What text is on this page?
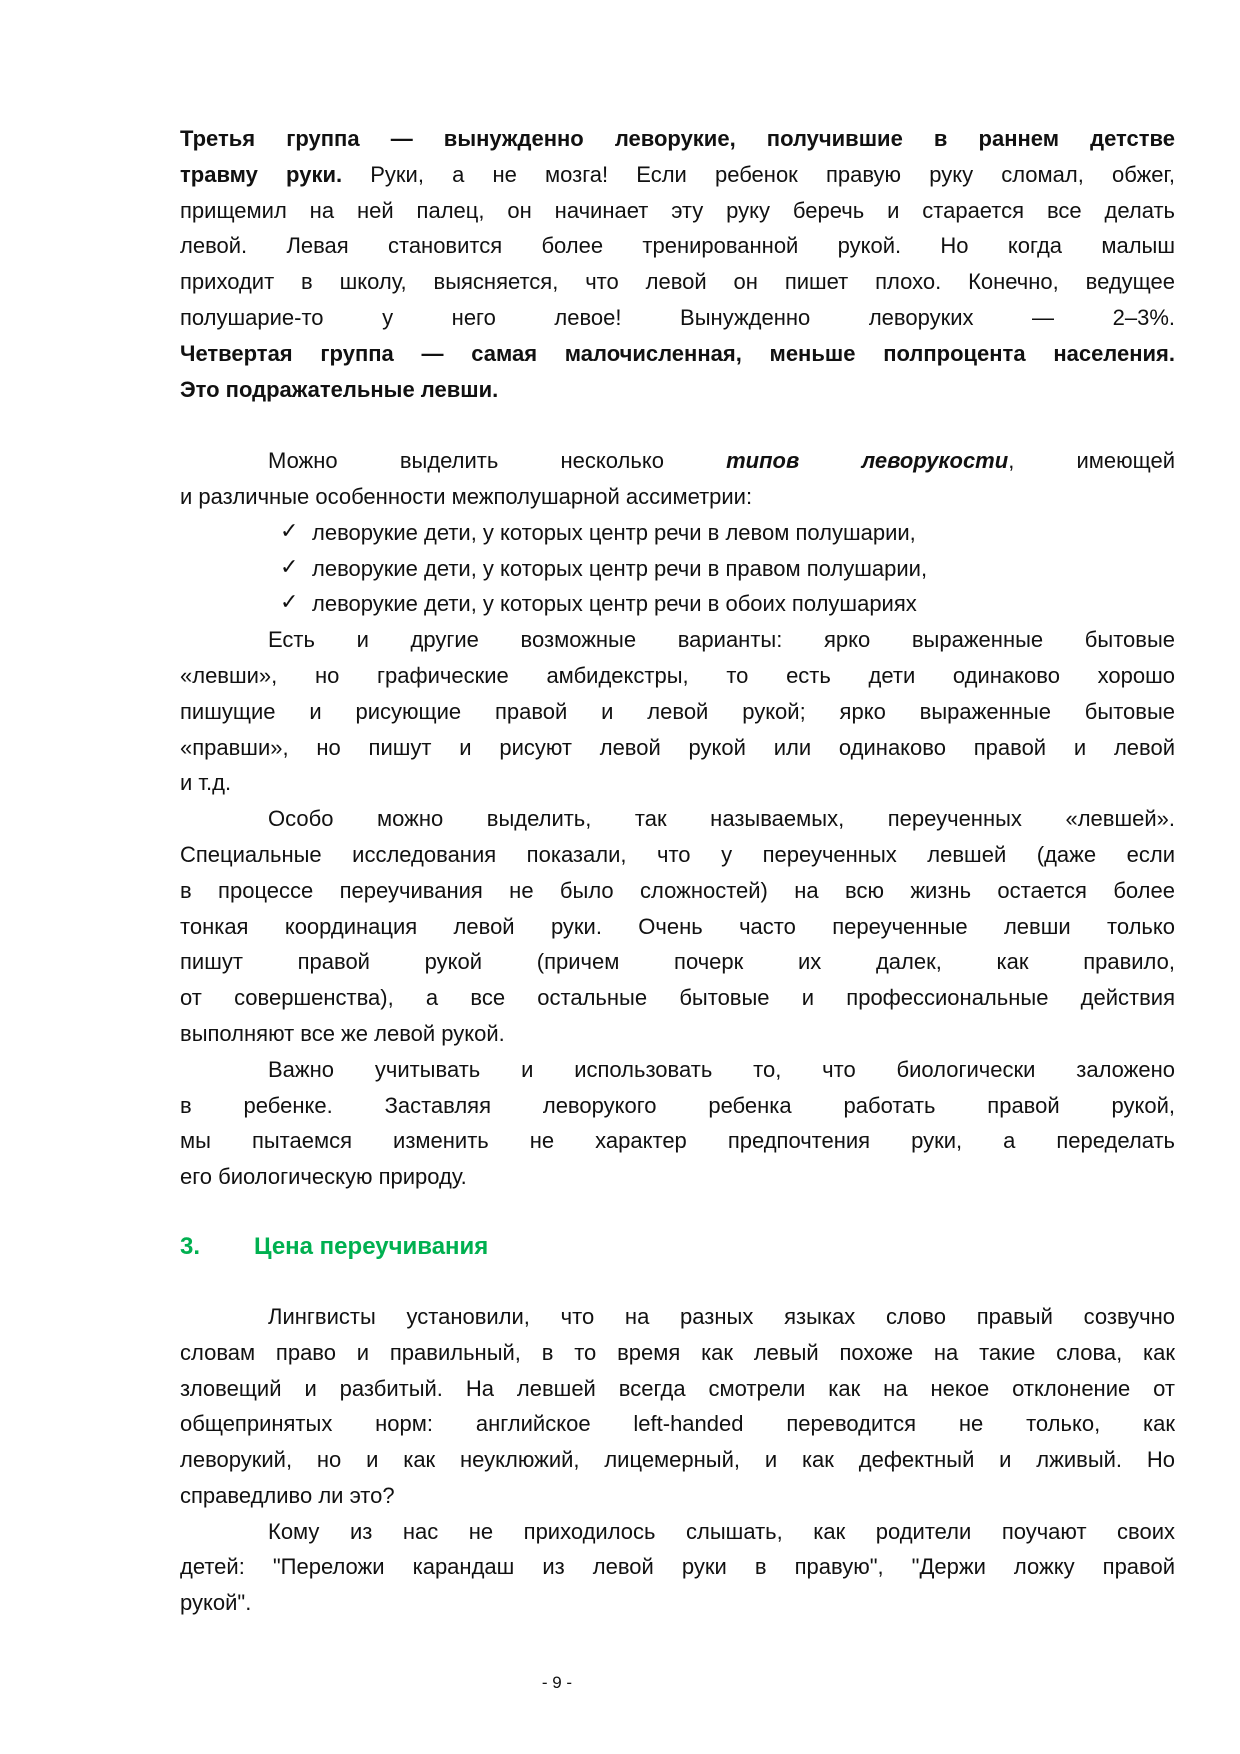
Третья группа — вынужденно леворукие, получившие в раннем детстве
травму руки. Руки, а не мозга! Если ребенок правую руку сломал, обжег,
прищемил на ней палец, он начинает эту руку беречь и старается все делать
левой. Левая становится более тренированной рукой. Но когда малыш
приходит в школу, выясняется, что левой он пишет плохо. Конечно, ведущее
полушарие-то у него левое! Вынужденно леворуких — 2–3%.
Четвертая группа — самая малочисленная, меньше полпроцента населения.
Это подражательные левши.
Можно выделить несколько типов леворукости, имеющей
и различные особенности межполушарной ассиметрии:
✓ леворукие дети, у которых центр речи в левом полушарии,
✓ леворукие дети, у которых центр речи в правом полушарии,
✓ леворукие дети, у которых центр речи в обоих полушариях
Есть и другие возможные варианты: ярко выраженные бытовые
«левши», но графические амбидекстры, то есть дети одинаково хорошо
пишущие и рисующие правой и левой рукой; ярко выраженные бытовые
«правши», но пишут и рисуют левой рукой или одинаково правой и левой
и т.д.
Особо можно выделить, так называемых, переученных «левшей».
Специальные исследования показали, что у переученных левшей (даже если
в процессе переучивания не было сложностей) на всю жизнь остается более
тонкая координация левой руки. Очень часто переученные левши только
пишут правой рукой (причем почерк их далек, как правило,
от совершенства), а все остальные бытовые и профессиональные действия
выполняют все же левой рукой.
Важно учитывать и использовать то, что биологически заложено
в ребенке. Заставляя леворукого ребенка работать правой рукой,
мы пытаемся изменить не характер предпочтения руки, а переделать
его биологическую природу.
3. Цена переучивания
Лингвисты установили, что на разных языках слово правый созвучно
словам право и правильный, в то время как левый похоже на такие слова, как
зловещий и разбитый. На левшей всегда смотрели как на некое отклонение от
общепринятых норм: английское left-handed переводится не только, как
леворукий, но и как неуклюжий, лицемерный, и как дефектный и лживый. Но
справедливо ли это?
Кому из нас не приходилось слышать, как родители поучают своих
детей: "Переложи карандаш из левой руки в правую", "Держи ложку правой
рукой".
- 9 -
